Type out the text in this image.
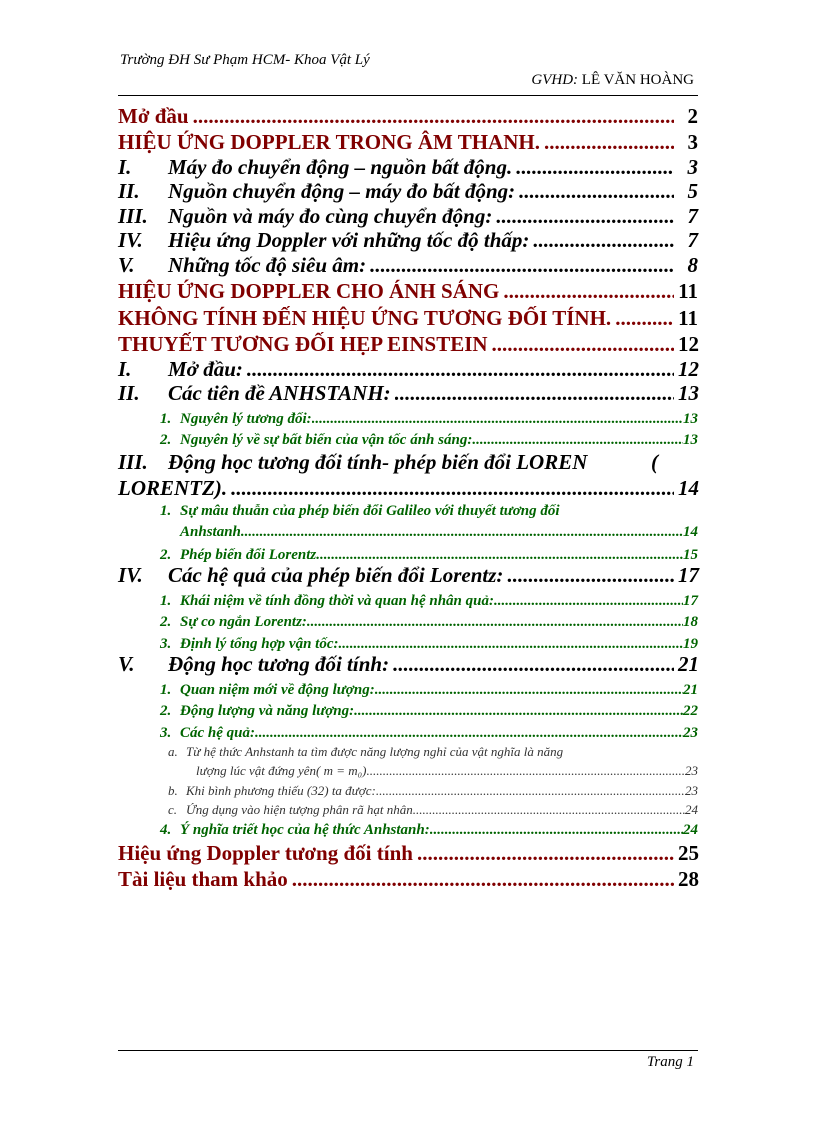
Trường ĐH Sư Phạm HCM- Khoa Vật Lý
GVHD: LÊ VĂN HOÀNG
Mở đầu .....	2
HIỆU ỨNG DOPPLER TRONG ÂM THANH. .....	3
I.	Máy đo chuyển động – nguồn bất động. .....	3
II.	Nguồn chuyển động – máy đo bất động: .....	5
III. Nguồn và máy đo cùng chuyển động: .....	7
IV.	Hiệu ứng Doppler với những tốc độ thấp: .....	7
V.	Những tốc độ siêu âm: .....	8
HIỆU ỨNG DOPPLER CHO ÁNH SÁNG .....	11
KHÔNG TÍNH ĐẾN HIỆU ỨNG TƯƠNG ĐỐI TÍNH. .....	11
THUYẾT TƯƠNG ĐỐI HẸP EINSTEIN .....	12
I.	Mở đầu: .....	12
II.	Các tiên đề ANHSTANH: .....	13
1. Nguyên lý tương đối: .....	13
2. Nguyên lý về sự bất biến của vận tốc ánh sáng: .....	13
III. Động học tương đối tính- phép biến đổi LOREN	(
LORENTZ). .....	14
1. Sự mâu thuẫn của phép biến đổi Galileo với thuyết tương đối
Anhstanh .....	14
2. Phép biến đổi Lorentz .....	15
IV.	Các hệ quả của phép biến đổi Lorentz: .....	17
1. Khái niệm về tính đồng thời và quan hệ nhân quả: .....	17
2. Sự co ngắn Lorentz: .....	18
3. Định lý tổng hợp vận tốc: .....	19
V.	Động học tương đối tính: .....	21
1. Quan niệm mới về động lượng: .....	21
2. Động lượng và năng lượng: .....	22
3. Các hệ quả: .....	23
a. Từ hệ thức Anhstanh ta tìm được năng lượng nghỉ của vật nghĩa là năng
lượng lúc vật đứng yên( m = m₀) .....	23
b. Khi bình phương thiếu (32) ta được: .....	23
c. Ứng dụng vào hiện tượng phân rã hạt nhân .....	24
4. Ý nghĩa triết học của hệ thức Anhstanh: .....	24
Hiệu ứng Doppler tương đối tính .....	25
Tài liệu tham khảo .....	28
Trang 1
